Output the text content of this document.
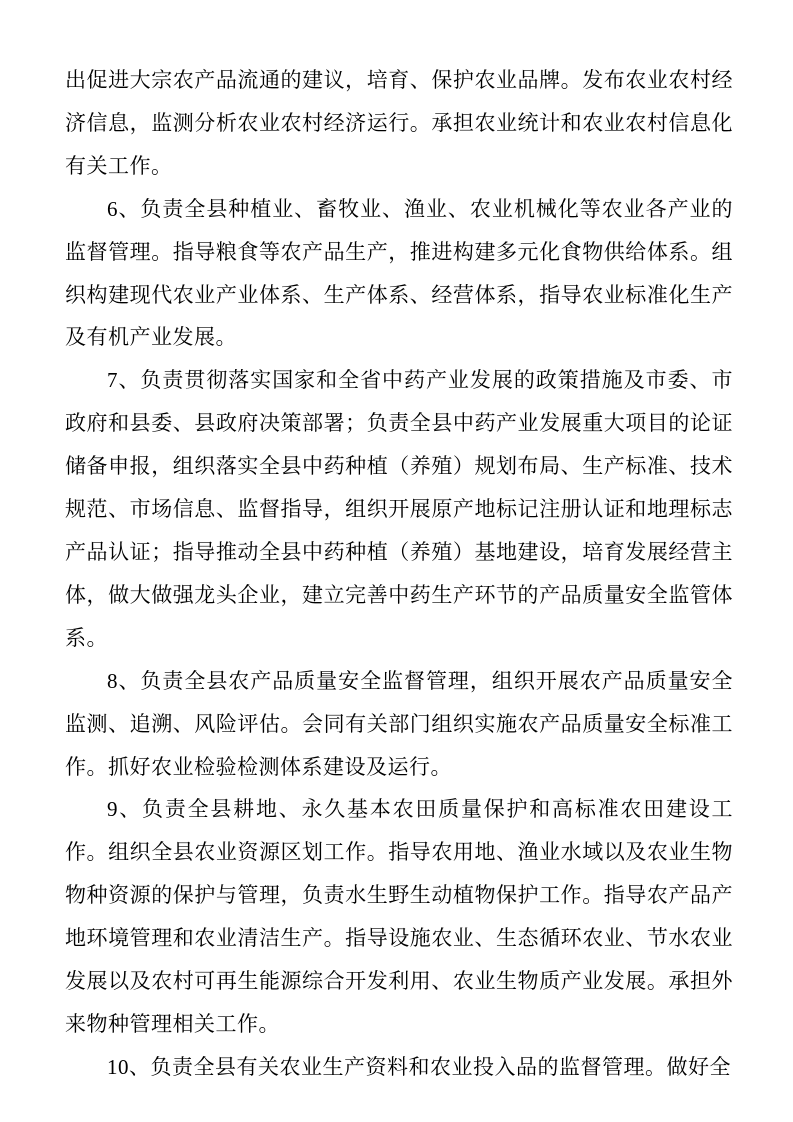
出促进大宗农产品流通的建议，培育、保护农业品牌。发布农业农村经济信息，监测分析农业农村经济运行。承担农业统计和农业农村信息化有关工作。

6、负责全县种植业、畜牧业、渔业、农业机械化等农业各产业的监督管理。指导粮食等农产品生产，推进构建多元化食物供给体系。组织构建现代农业产业体系、生产体系、经营体系，指导农业标准化生产及有机产业发展。

7、负责贯彻落实国家和全省中药产业发展的政策措施及市委、市政府和县委、县政府决策部署；负责全县中药产业发展重大项目的论证储备申报，组织落实全县中药种植（养殖）规划布局、生产标准、技术规范、市场信息、监督指导，组织开展原产地标记注册认证和地理标志产品认证；指导推动全县中药种植（养殖）基地建设，培育发展经营主体，做大做强龙头企业，建立完善中药生产环节的产品质量安全监管体系。

8、负责全县农产品质量安全监督管理，组织开展农产品质量安全监测、追溯、风险评估。会同有关部门组织实施农产品质量安全标准工作。抓好农业检验检测体系建设及运行。

9、负责全县耕地、永久基本农田质量保护和高标准农田建设工作。组织全县农业资源区划工作。指导农用地、渔业水域以及农业生物物种资源的保护与管理，负责水生野生动植物保护工作。指导农产品产地环境管理和农业清洁生产。指导设施农业、生态循环农业、节水农业发展以及农村可再生能源综合开发利用、农业生物质产业发展。承担外来物种管理相关工作。

10、负责全县有关农业生产资料和农业投入品的监督管理。做好全
